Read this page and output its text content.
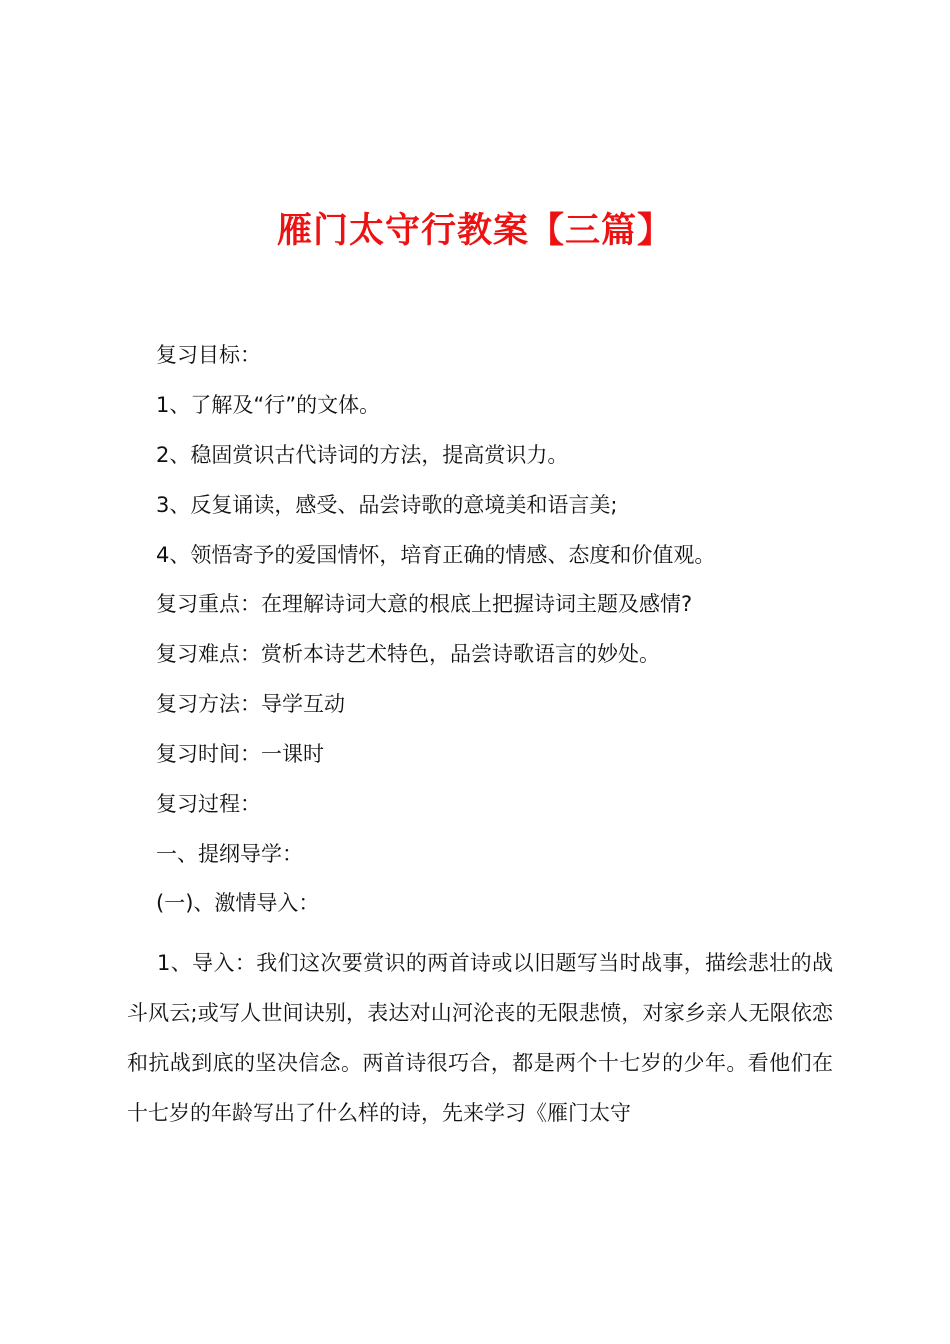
雁门太守行教案【三篇】
复习目标：
1、了解及“行”的文体。
2、稳固赏识古代诗词的方法，提高赏识力。
3、反复诵读，感受、品尝诗歌的意境美和语言美;
4、领悟寄予的爱国情怀，培育正确的情感、态度和价值观。
复习重点：在理解诗词大意的根底上把握诗词主题及感情?
复习难点：赏析本诗艺术特色，品尝诗歌语言的妙处。
复习方法：导学互动
复习时间：一课时
复习过程：
一、提纲导学：
(一)、激情导入：
1、导入：我们这次要赏识的两首诗或以旧题写当时战事，描绘悲壮的战斗风云;或写人世间诀别，表达对山河沦丧的无限悲愤，对家乡亲人无限依恋和抗战到底的坚决信念。两首诗很巧合，都是两个十七岁的少年。看他们在十七岁的年龄写出了什么样的诗，先来学习《雁门太守
